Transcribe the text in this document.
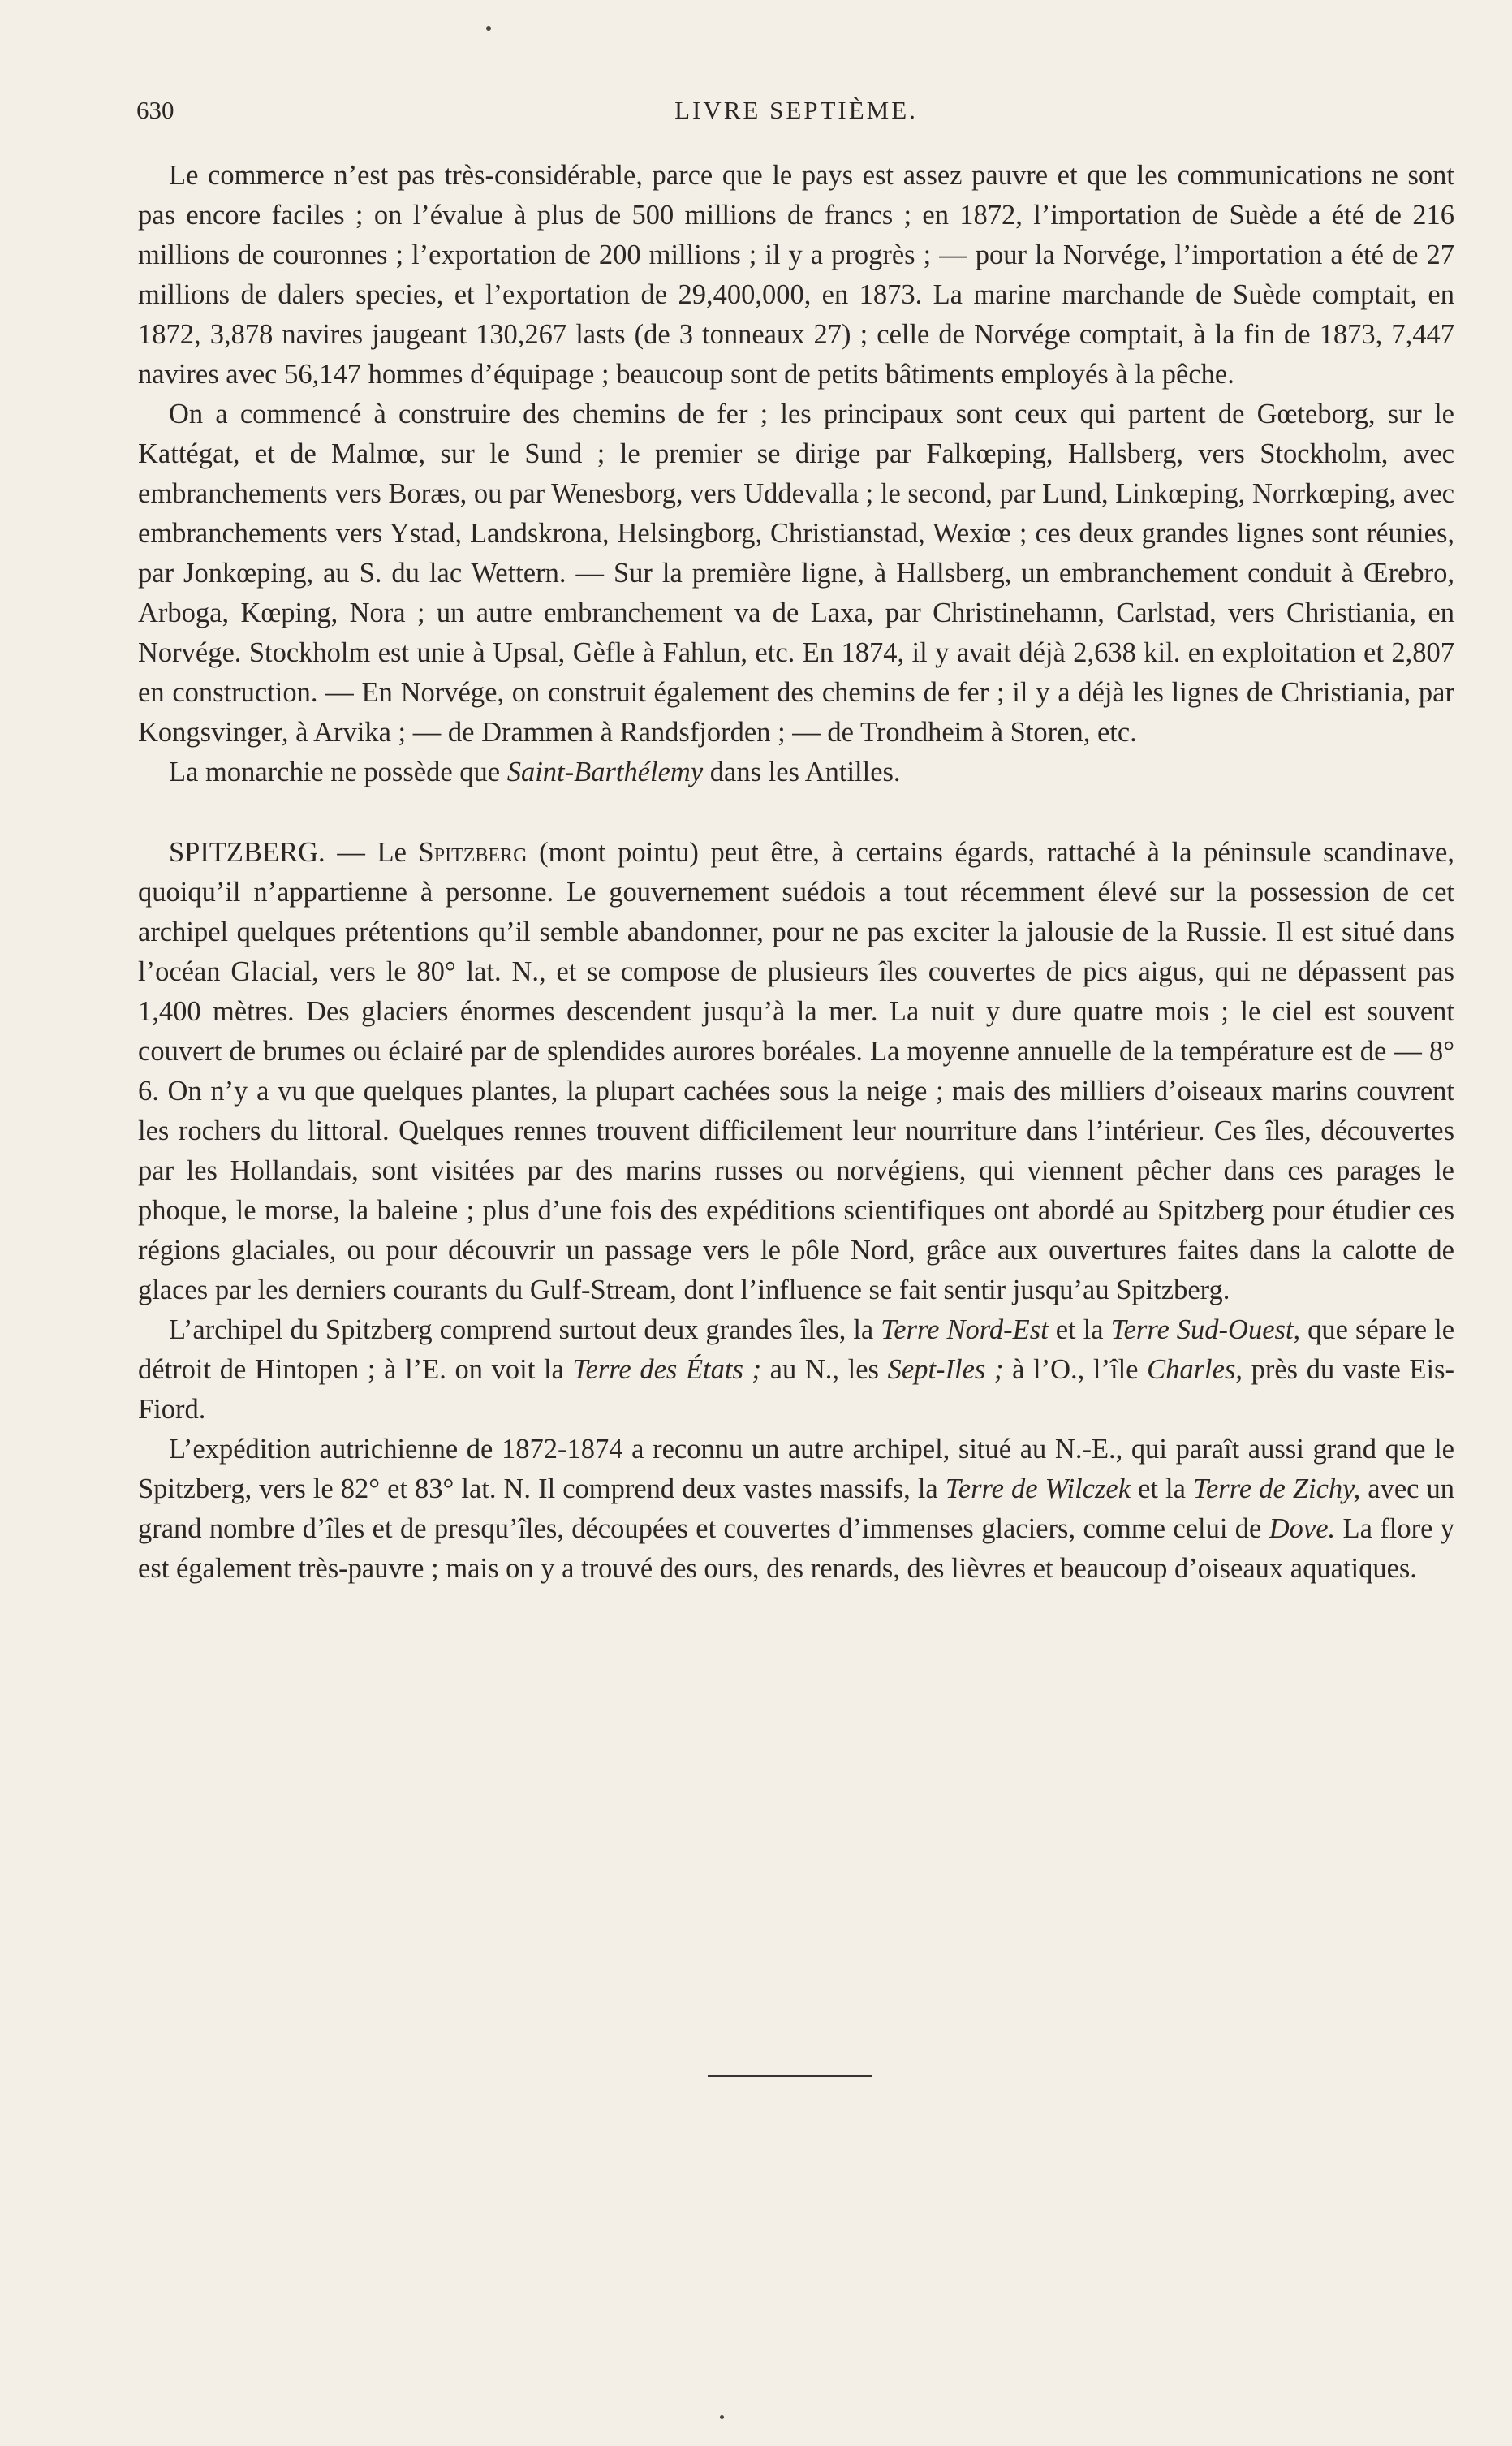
630	LIVRE SEPTIÈME.

Le commerce n’est pas très-considérable, parce que le pays est assez pauvre et que les communications ne sont pas encore faciles ; on l’évalue à plus de 500 millions de francs ; en 1872, l’importation de Suède a été de 216 millions de couronnes ; l’exportation de 200 millions ; il y a progrès ; — pour la Norvége, l’importation a été de 27 millions de dalers species, et l’exportation de 29,400,000, en 1873. La marine marchande de Suède comptait, en 1872, 3,878 navires jaugeant 130,267 lasts (de 3 tonneaux 27) ; celle de Norvége comptait, à la fin de 1873, 7,447 navires avec 56,147 hommes d’équipage ; beaucoup sont de petits bâtiments employés à la pêche.

On a commencé à construire des chemins de fer ; les principaux sont ceux qui partent de Gœteborg, sur le Kattégat, et de Malmœ, sur le Sund ; le premier se dirige par Falkœping, Hallsberg, vers Stockholm, avec embranchements vers Boræs, ou par Wenesborg, vers Uddevalla ; le second, par Lund, Linkœping, Norrkœping, avec embranchements vers Ystad, Landskrona, Helsingborg, Christianstad, Wexiœ ; ces deux grandes lignes sont réunies, par Jonkœping, au S. du lac Wettern. — Sur la première ligne, à Hallsberg, un embranchement conduit à Œrebro, Arboga, Kœping, Nora ; un autre embranchement va de Laxa, par Christinehamn, Carlstad, vers Christiania, en Norvége. Stockholm est unie à Upsal, Gèfle à Fahlun, etc. En 1874, il y avait déjà 2,638 kil. en exploitation et 2,807 en construction. — En Norvége, on construit également des chemins de fer ; il y a déjà les lignes de Christiania, par Kongsvinger, à Arvika ; — de Drammen à Randsfjorden ; — de Trondheim à Storen, etc.

La monarchie ne possède que Saint-Barthélemy dans les Antilles.

SPITZBERG. — Le Spitzberg (mont pointu) peut être, à certains égards, rattaché à la péninsule scandinave, quoiqu’il n’appartienne à personne. Le gouvernement suédois a tout récemment élevé sur la possession de cet archipel quelques prétentions qu’il semble abandonner, pour ne pas exciter la jalousie de la Russie. Il est situé dans l’océan Glacial, vers le 80° lat. N., et se compose de plusieurs îles couvertes de pics aigus, qui ne dépassent pas 1,400 mètres. Des glaciers énormes descendent jusqu’à la mer. La nuit y dure quatre mois ; le ciel est souvent couvert de brumes ou éclairé par de splendides aurores boréales. La moyenne annuelle de la température est de — 8° 6. On n’y a vu que quelques plantes, la plupart cachées sous la neige ; mais des milliers d’oiseaux marins couvrent les rochers du littoral. Quelques rennes trouvent difficilement leur nourriture dans l’intérieur. Ces îles, découvertes par les Hollandais, sont visitées par des marins russes ou norvégiens, qui viennent pêcher dans ces parages le phoque, le morse, la baleine ; plus d’une fois des expéditions scientifiques ont abordé au Spitzberg pour étudier ces régions glaciales, ou pour découvrir un passage vers le pôle Nord, grâce aux ouvertures faites dans la calotte de glaces par les derniers courants du Gulf-Stream, dont l’influence se fait sentir jusqu’au Spitzberg.

L’archipel du Spitzberg comprend surtout deux grandes îles, la Terre Nord-Est et la Terre Sud-Ouest, que sépare le détroit de Hintopen ; à l’E. on voit la Terre des États ; au N., les Sept-Iles ; à l’O., l’île Charles, près du vaste Eis-Fiord.

L’expédition autrichienne de 1872-1874 a reconnu un autre archipel, situé au N.-E., qui paraît aussi grand que le Spitzberg, vers le 82° et 83° lat. N. Il comprend deux vastes massifs, la Terre de Wilczek et la Terre de Zichy, avec un grand nombre d’îles et de presqu’îles, découpées et couvertes d’immenses glaciers, comme celui de Dove. La flore y est également très-pauvre ; mais on y a trouvé des ours, des renards, des lièvres et beaucoup d’oiseaux aquatiques.
